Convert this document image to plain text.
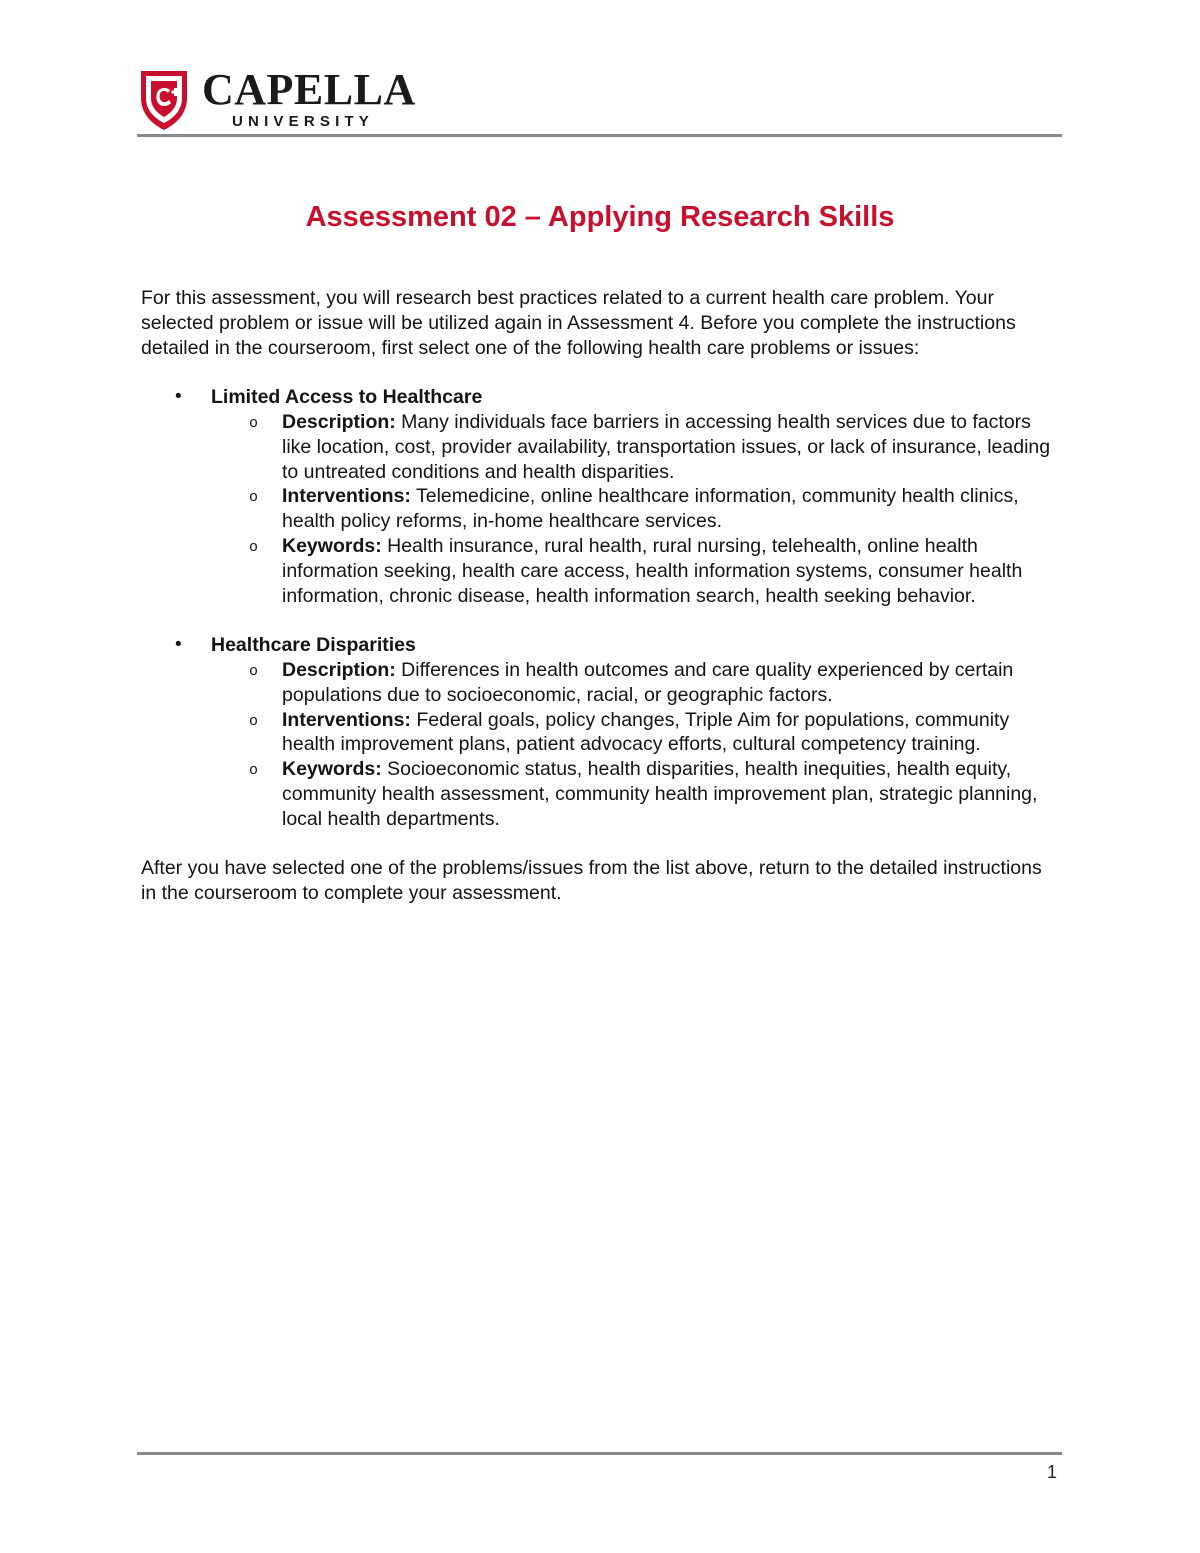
CAPELLA
UNIVERSITY
Assessment 02 – Applying Research Skills

For this assessment, you will research best practices related to a current health care problem. Your selected problem or issue will be utilized again in Assessment 4. Before you complete the instructions detailed in the courseroom, first select one of the following health care problems or issues:

• Limited Access to Healthcare
o Description: Many individuals face barriers in accessing health services due to factors like location, cost, provider availability, transportation issues, or lack of insurance, leading to untreated conditions and health disparities.
o Interventions: Telemedicine, online healthcare information, community health clinics, health policy reforms, in-home healthcare services.
o Keywords: Health insurance, rural health, rural nursing, telehealth, online health information seeking, health care access, health information systems, consumer health information, chronic disease, health information search, health seeking behavior.
• Healthcare Disparities
o Description: Differences in health outcomes and care quality experienced by certain populations due to socioeconomic, racial, or geographic factors.
o Interventions: Federal goals, policy changes, Triple Aim for populations, community health improvement plans, patient advocacy efforts, cultural competency training.
o Keywords: Socioeconomic status, health disparities, health inequities, health equity, community health assessment, community health improvement plan, strategic planning, local health departments.

After you have selected one of the problems/issues from the list above, return to the detailed instructions in the courseroom to complete your assessment.

1
